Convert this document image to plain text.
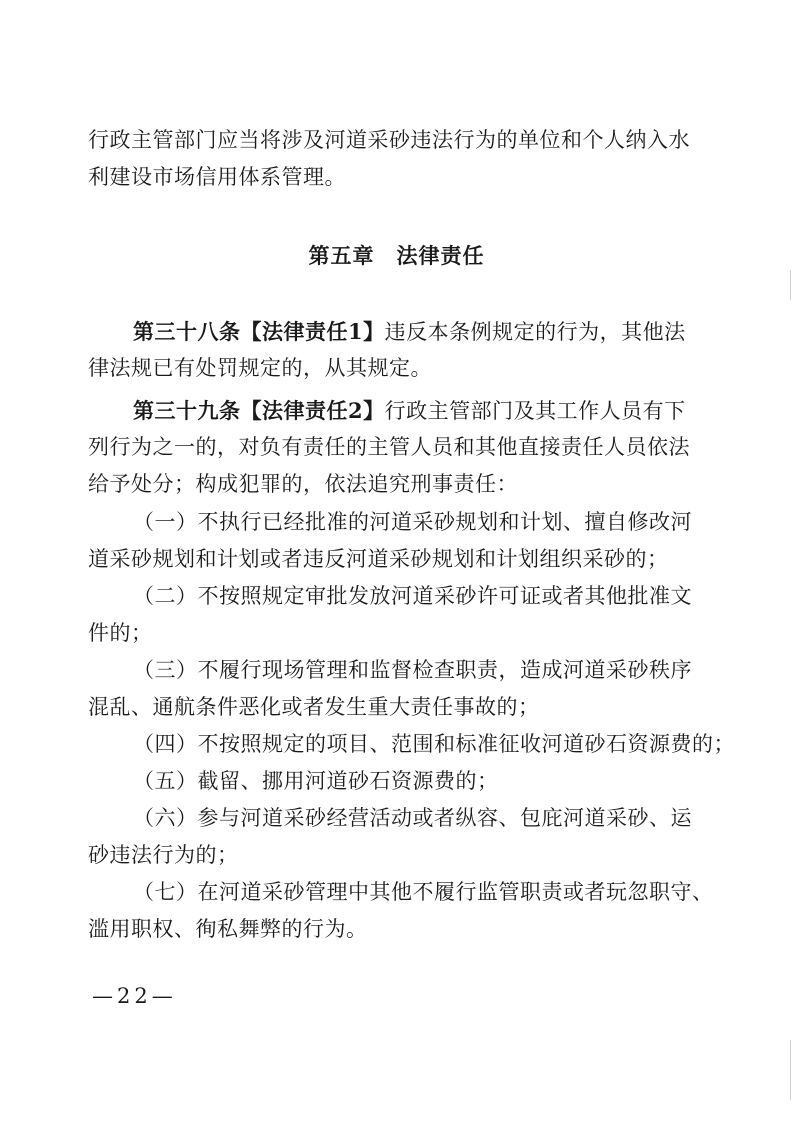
行政主管部门应当将涉及河道采砂违法行为的单位和个人纳入水
利建设市场信用体系管理。
第五章　法律责任
第三十八条【法律责任1】违反本条例规定的行为，其他法
律法规已有处罚规定的，从其规定。
第三十九条【法律责任2】行政主管部门及其工作人员有下
列行为之一的，对负有责任的主管人员和其他直接责任人员依法
给予处分；构成犯罪的，依法追究刑事责任：
（一）不执行已经批准的河道采砂规划和计划、擅自修改河
道采砂规划和计划或者违反河道采砂规划和计划组织采砂的；
（二）不按照规定审批发放河道采砂许可证或者其他批准文
件的；
（三）不履行现场管理和监督检查职责，造成河道采砂秩序
混乱、通航条件恶化或者发生重大责任事故的；
（四）不按照规定的项目、范围和标准征收河道砂石资源费的；
（五）截留、挪用河道砂石资源费的；
（六）参与河道采砂经营活动或者纵容、包庇河道采砂、运
砂违法行为的；
（七）在河道采砂管理中其他不履行监管职责或者玩忽职守、
滥用职权、徇私舞弊的行为。
—22—
